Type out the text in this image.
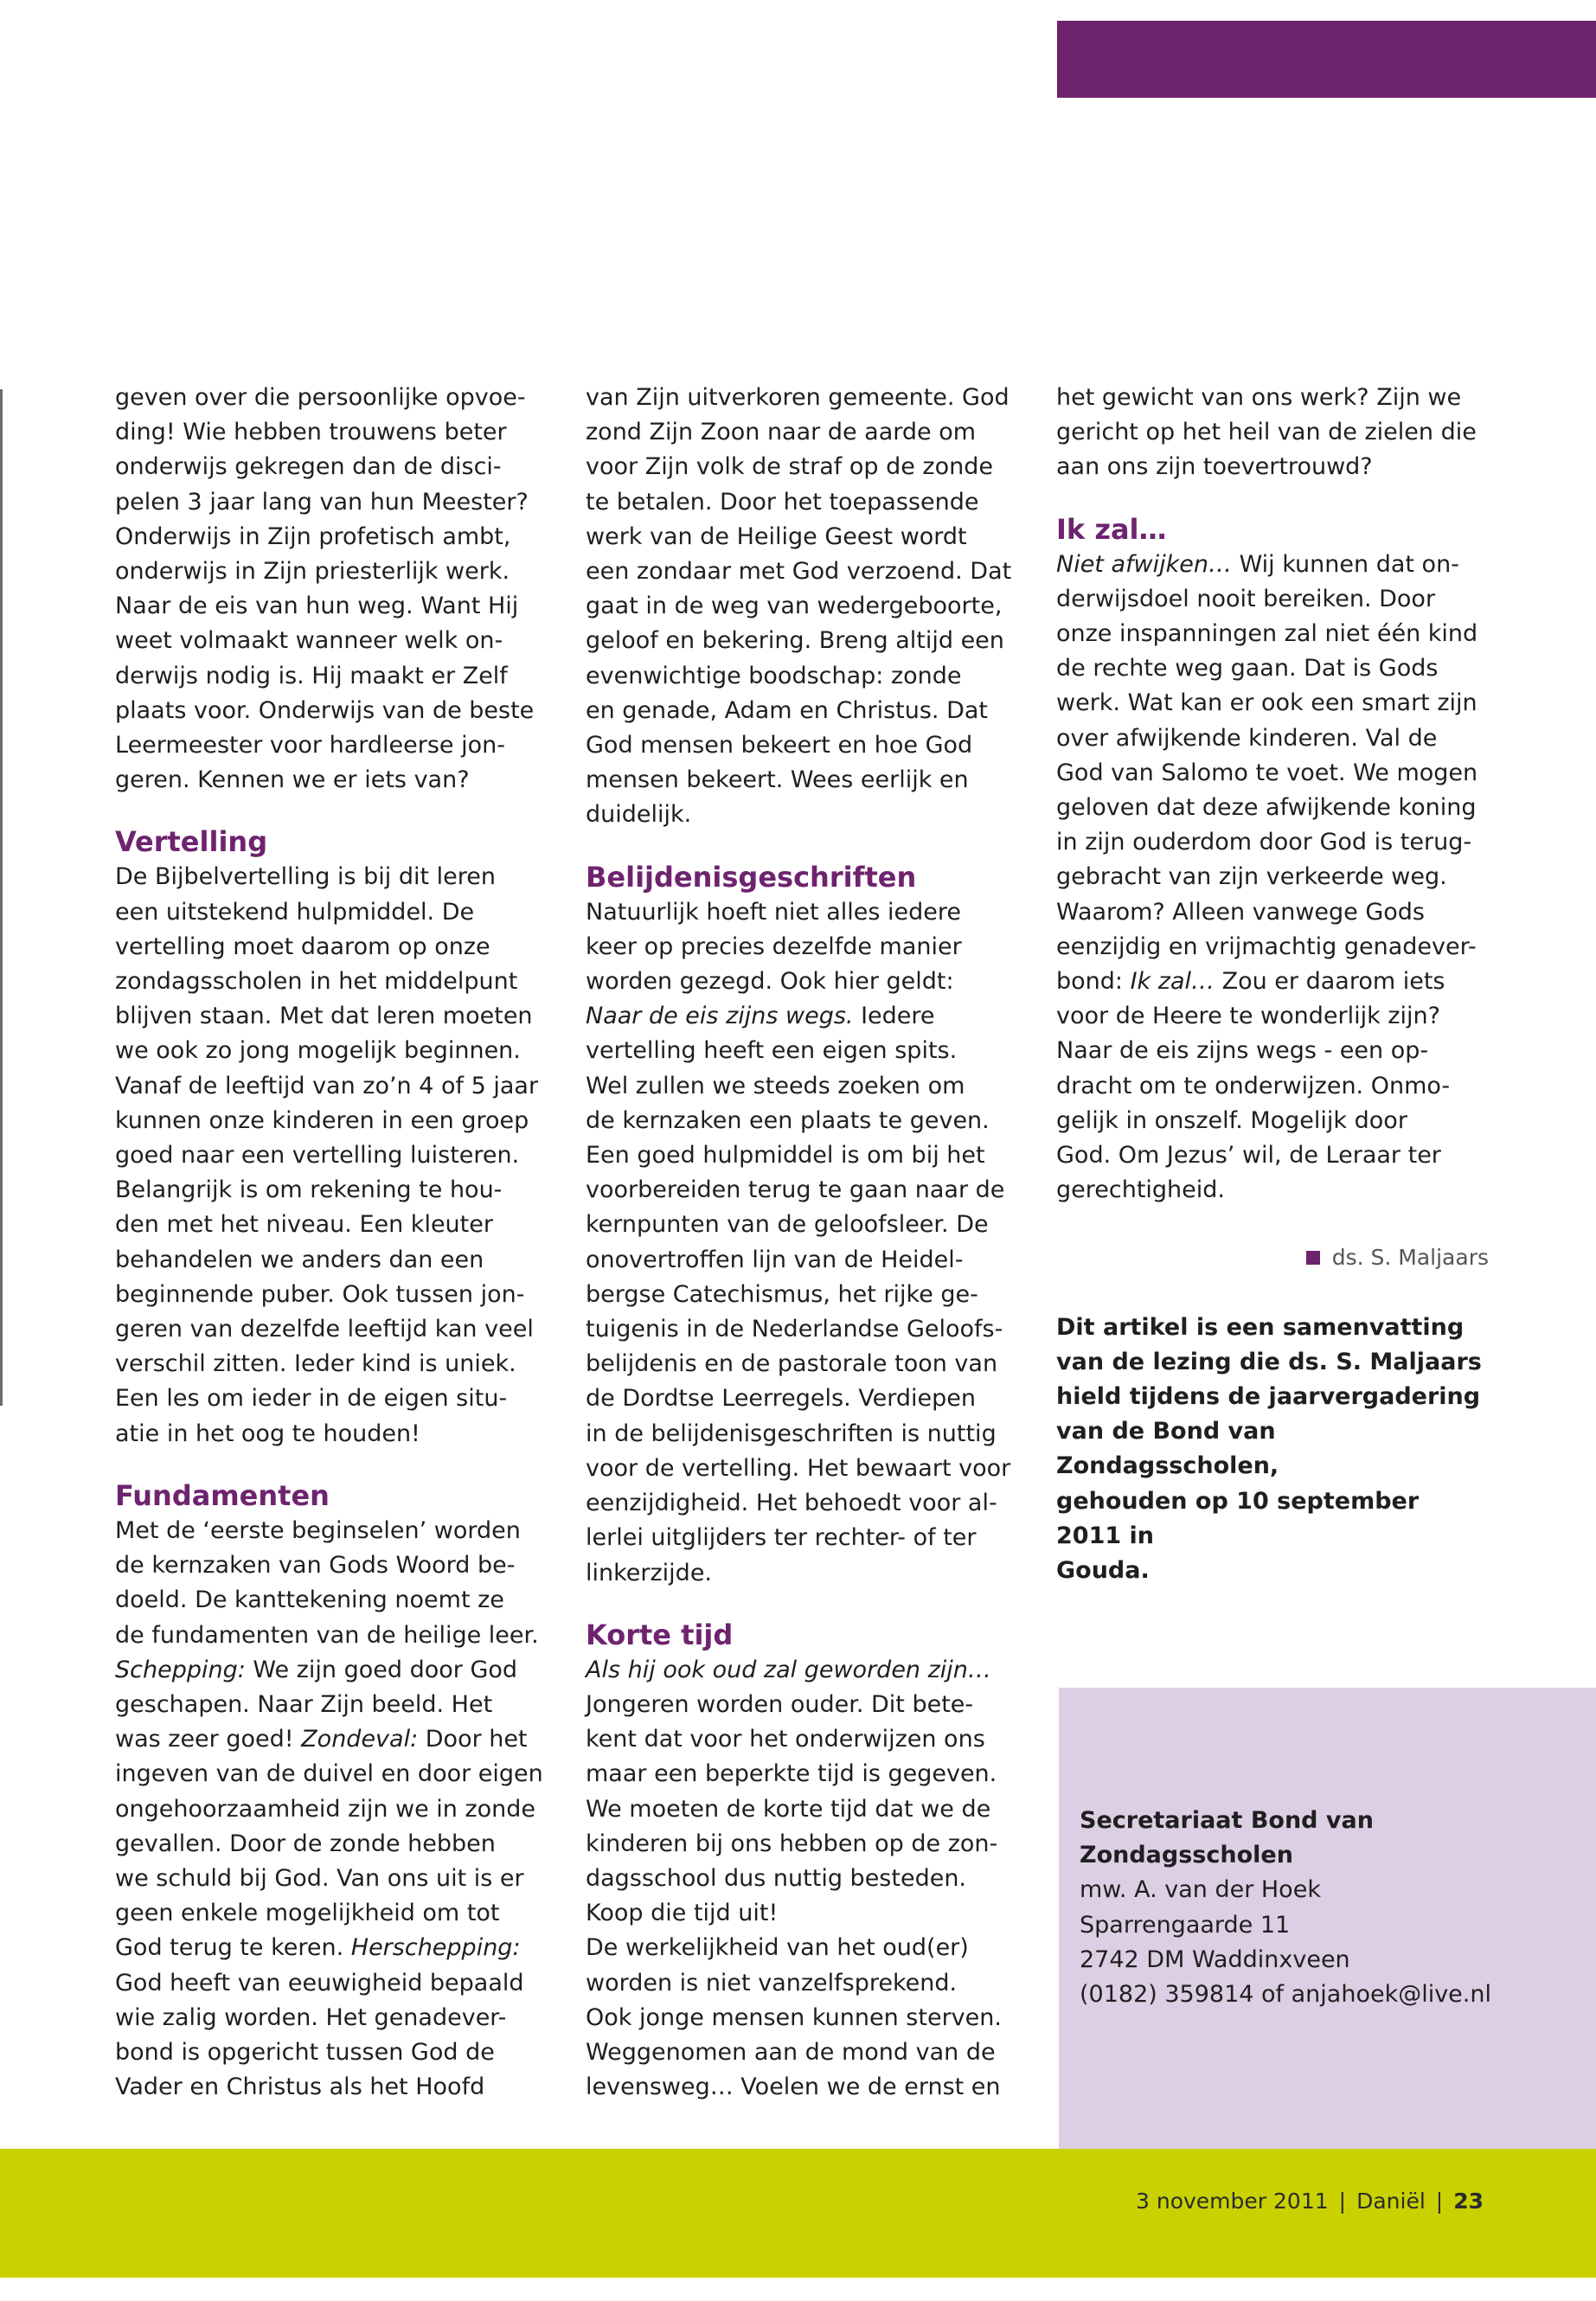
geven over die persoonlijke opvoe-
ding! Wie hebben trouwens beter
onderwijs gekregen dan de disci-
pelen 3 jaar lang van hun Meester?
Onderwijs in Zijn profetisch ambt,
onderwijs in Zijn priesterlijk werk.
Naar de eis van hun weg. Want Hij
weet volmaakt wanneer welk on-
derwijs nodig is. Hij maakt er Zelf
plaats voor. Onderwijs van de beste
Leermeester voor hardleerse jon-
geren. Kennen we er iets van?

Vertelling

De Bijbelvertelling is bij dit leren
een uitstekend hulpmiddel. De
vertelling moet daarom op onze
zondagsscholen in het middelpunt
blijven staan. Met dat leren moeten
we ook zo jong mogelijk beginnen.
Vanaf de leeftijd van zo’n 4 of 5 jaar
kunnen onze kinderen in een groep
goed naar een vertelling luisteren.
Belangrijk is om rekening te hou-
den met het niveau. Een kleuter
behandelen we anders dan een
beginnende puber. Ook tussen jon-
geren van dezelfde leeftijd kan veel
verschil zitten. Ieder kind is uniek.
Een les om ieder in de eigen situ-
atie in het oog te houden!

Fundamenten

Met de ‘eerste beginselen’ worden
de kernzaken van Gods Woord be-
doeld. De kanttekening noemt ze
de fundamenten van de heilige leer.
Schepping: We zijn goed door God
geschapen. Naar Zijn beeld. Het
was zeer goed! Zondeval: Door het
ingeven van de duivel en door eigen
ongehoorzaamheid zijn we in zonde
gevallen. Door de zonde hebben
we schuld bij God. Van ons uit is er
geen enkele mogelijkheid om tot
God terug te keren. Herschepping:
God heeft van eeuwigheid bepaald
wie zalig worden. Het genadever-
bond is opgericht tussen God de
Vader en Christus als het Hoofd

van Zijn uitverkoren gemeente. God
zond Zijn Zoon naar de aarde om
voor Zijn volk de straf op de zonde
te betalen. Door het toepassende
werk van de Heilige Geest wordt
een zondaar met God verzoend. Dat
gaat in de weg van wedergeboorte,
geloof en bekering. Breng altijd een
evenwichtige boodschap: zonde
en genade, Adam en Christus. Dat
God mensen bekeert en hoe God
mensen bekeert. Wees eerlijk en
duidelijk.

Belijdenisgeschriften

Natuurlijk hoeft niet alles iedere
keer op precies dezelfde manier
worden gezegd. Ook hier geldt:
Naar de eis zijns wegs. Iedere
vertelling heeft een eigen spits.
Wel zullen we steeds zoeken om
de kernzaken een plaats te geven.
Een goed hulpmiddel is om bij het
voorbereiden terug te gaan naar de
kernpunten van de geloofsleer. De
onovertroffen lijn van de Heidel-
bergse Catechismus, het rijke ge-
tuigenis in de Nederlandse Geloofs-
belijdenis en de pastorale toon van
de Dordtse Leerregels. Verdiepen
in de belijdenisgeschriften is nuttig
voor de vertelling. Het bewaart voor
eenzijdigheid. Het behoedt voor al-
lerlei uitglijders ter rechter- of ter
linkerzijde.

Korte tijd

Als hij ook oud zal geworden zijn…
Jongeren worden ouder. Dit bete-
kent dat voor het onderwijzen ons
maar een beperkte tijd is gegeven.
We moeten de korte tijd dat we de
kinderen bij ons hebben op de zon-
dagsschool dus nuttig besteden.
Koop die tijd uit!
De werkelijkheid van het oud(er)
worden is niet vanzelfsprekend.
Ook jonge mensen kunnen sterven.
Weggenomen aan de mond van de
levensweg… Voelen we de ernst en

het gewicht van ons werk? Zijn we
gericht op het heil van de zielen die
aan ons zijn toevertrouwd?

Ik zal…

Niet afwijken… Wij kunnen dat on-
derwijsdoel nooit bereiken. Door
onze inspanningen zal niet één kind
de rechte weg gaan. Dat is Gods
werk. Wat kan er ook een smart zijn
over afwijkende kinderen. Val de
God van Salomo te voet. We mogen
geloven dat deze afwijkende koning
in zijn ouderdom door God is terug-
gebracht van zijn verkeerde weg.
Waarom? Alleen vanwege Gods
eenzijdig en vrijmachtig genadever-
bond: Ik zal… Zou er daarom iets
voor de Heere te wonderlijk zijn?
Naar de eis zijns wegs - een op-
dracht om te onderwijzen. Onmo-
gelijk in onszelf. Mogelijk door
God. Om Jezus’ wil, de Leraar ter
gerechtigheid.

ds. S. Maljaars

Dit artikel is een samenvatting
van de lezing die ds. S. Maljaars
hield tijdens de jaarvergadering
van de Bond van Zondagsscholen,
gehouden op 10 september 2011 in
Gouda.

Secretariaat Bond van
Zondagsscholen

mw. A. van der Hoek
Sparrengaarde 11
2742 DM Waddinxveen
(0182) 359814 of anjahoek@live.nl

3 november 2011 | Daniël | 23
